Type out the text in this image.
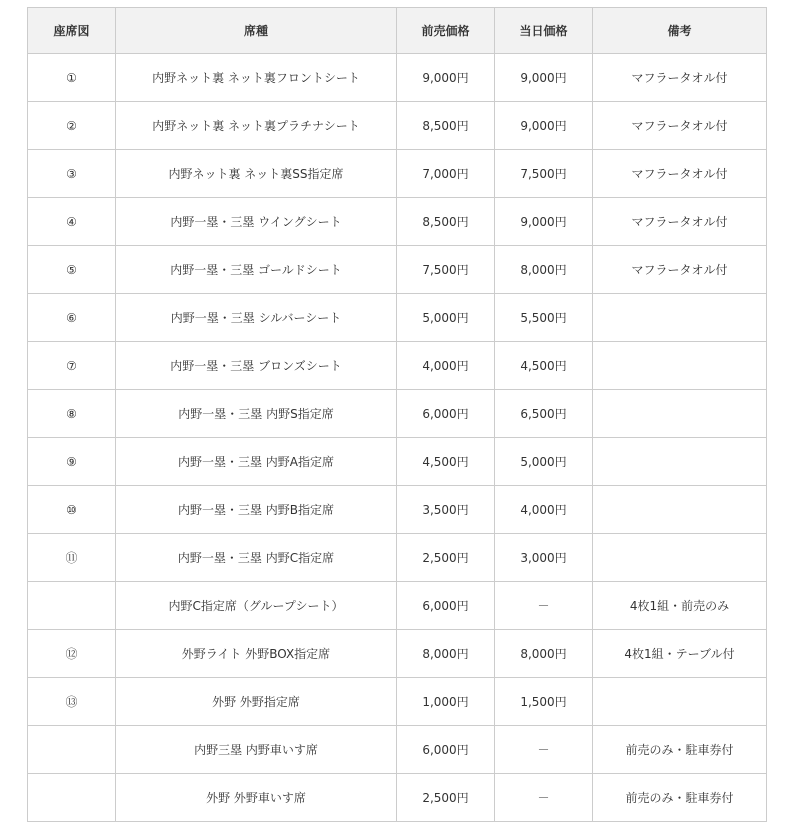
座席図	席種	前売価格	当日価格	備考
①	内野ネット裏 ネット裏フロントシート	9,000円	9,000円	マフラータオル付
②	内野ネット裏 ネット裏プラチナシート	8,500円	9,000円	マフラータオル付
③	内野ネット裏 ネット裏SS指定席	7,000円	7,500円	マフラータオル付
④	内野一塁・三塁 ウイングシート	8,500円	9,000円	マフラータオル付
⑤	内野一塁・三塁 ゴールドシート	7,500円	8,000円	マフラータオル付
⑥	内野一塁・三塁 シルバーシート	5,000円	5,500円	
⑦	内野一塁・三塁 ブロンズシート	4,000円	4,500円	
⑧	内野一塁・三塁 内野S指定席	6,000円	6,500円	
⑨	内野一塁・三塁 内野A指定席	4,500円	5,000円	
⑩	内野一塁・三塁 内野B指定席	3,500円	4,000円	
⑪	内野一塁・三塁 内野C指定席	2,500円	3,000円	
	内野C指定席（グループシート）	6,000円	－	4枚1組・前売のみ
⑫	外野ライト 外野BOX指定席	8,000円	8,000円	4枚1組・テーブル付
⑬	外野 外野指定席	1,000円	1,500円	
	内野三塁 内野車いす席	6,000円	－	前売のみ・駐車券付
	外野 外野車いす席	2,500円	－	前売のみ・駐車券付
